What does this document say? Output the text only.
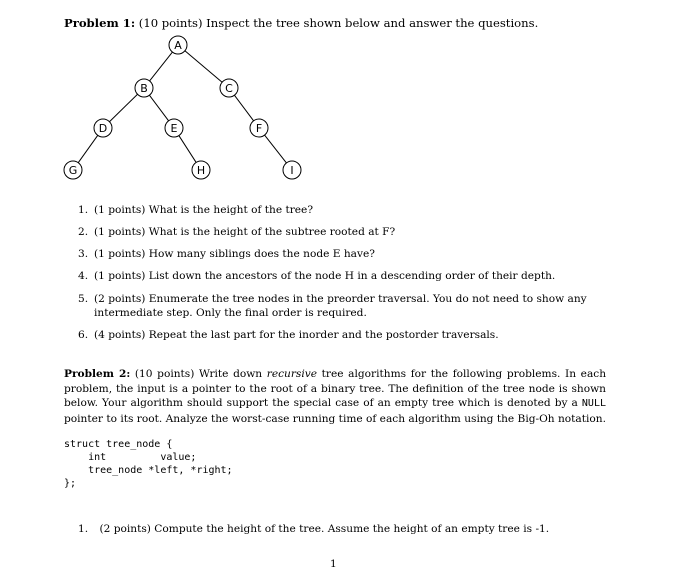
Problem 1: (10 points) Inspect the tree shown below and answer the questions.
A
B	C
D	E	F
G	H	I
1. (1 points) What is the height of the tree?
2. (1 points) What is the height of the subtree rooted at F?
3. (1 points) How many siblings does the node E have?
4. (1 points) List down the ancestors of the node H in a descending order of their depth.
5. (2 points) Enumerate the tree nodes in the preorder traversal. You do not need to show any intermediate step. Only the final order is required.
6. (4 points) Repeat the last part for the inorder and the postorder traversals.
Problem 2: (10 points) Write down recursive tree algorithms for the following problems. In each problem, the input is a pointer to the root of a binary tree. The definition of the tree node is shown below. Your algorithm should support the special case of an empty tree which is denoted by a NULL pointer to its root. Analyze the worst-case running time of each algorithm using the Big-Oh notation.
struct tree_node {
int         value;
tree_node *left, *right;
};
1. (2 points) Compute the height of the tree. Assume the height of an empty tree is -1.
1
